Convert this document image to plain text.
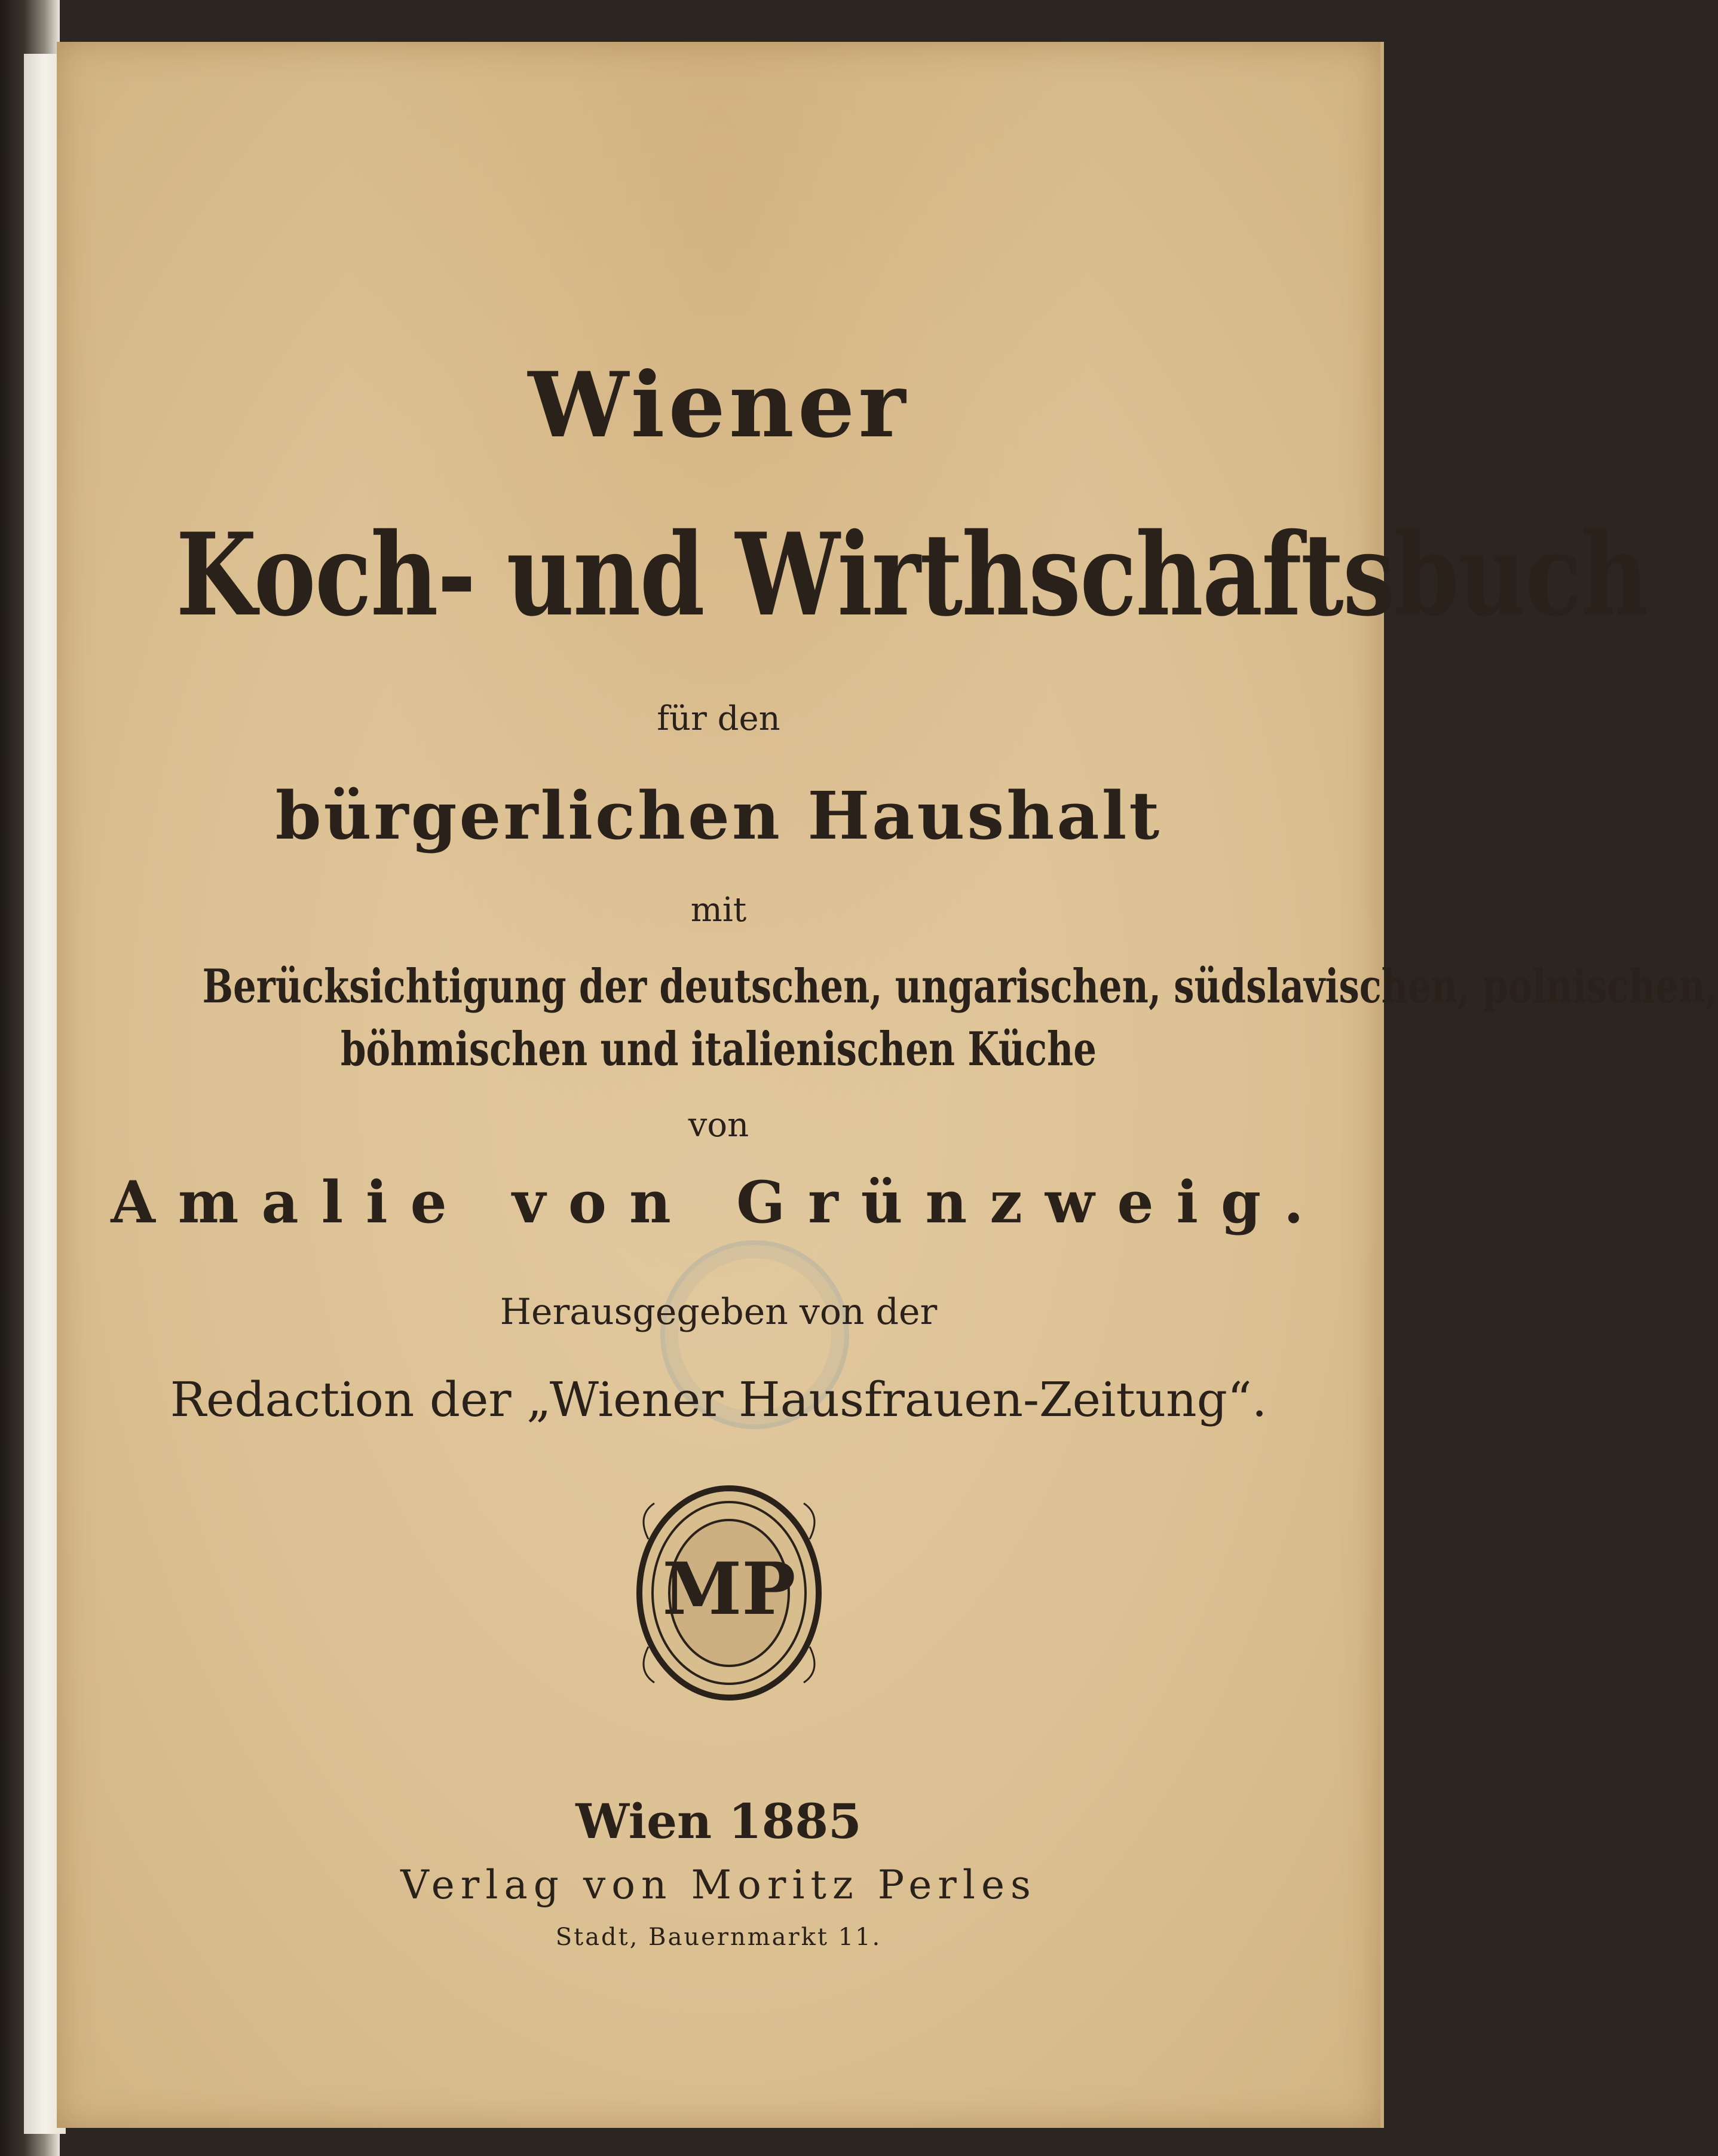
Wiener
Koch- und Wirthschaftsbuch
für den
bürgerlichen Haushalt
mit
Berücksichtigung der deutschen, ungarischen, südslavischen, polnischen,
böhmischen und italienischen Küche
von
Amalie von Grünzweig.
Herausgegeben von der
Redaction der „Wiener Hausfrauen-Zeitung“.
MP
Wien 1885
Verlag von Moritz Perles
Stadt, Bauernmarkt 11.
